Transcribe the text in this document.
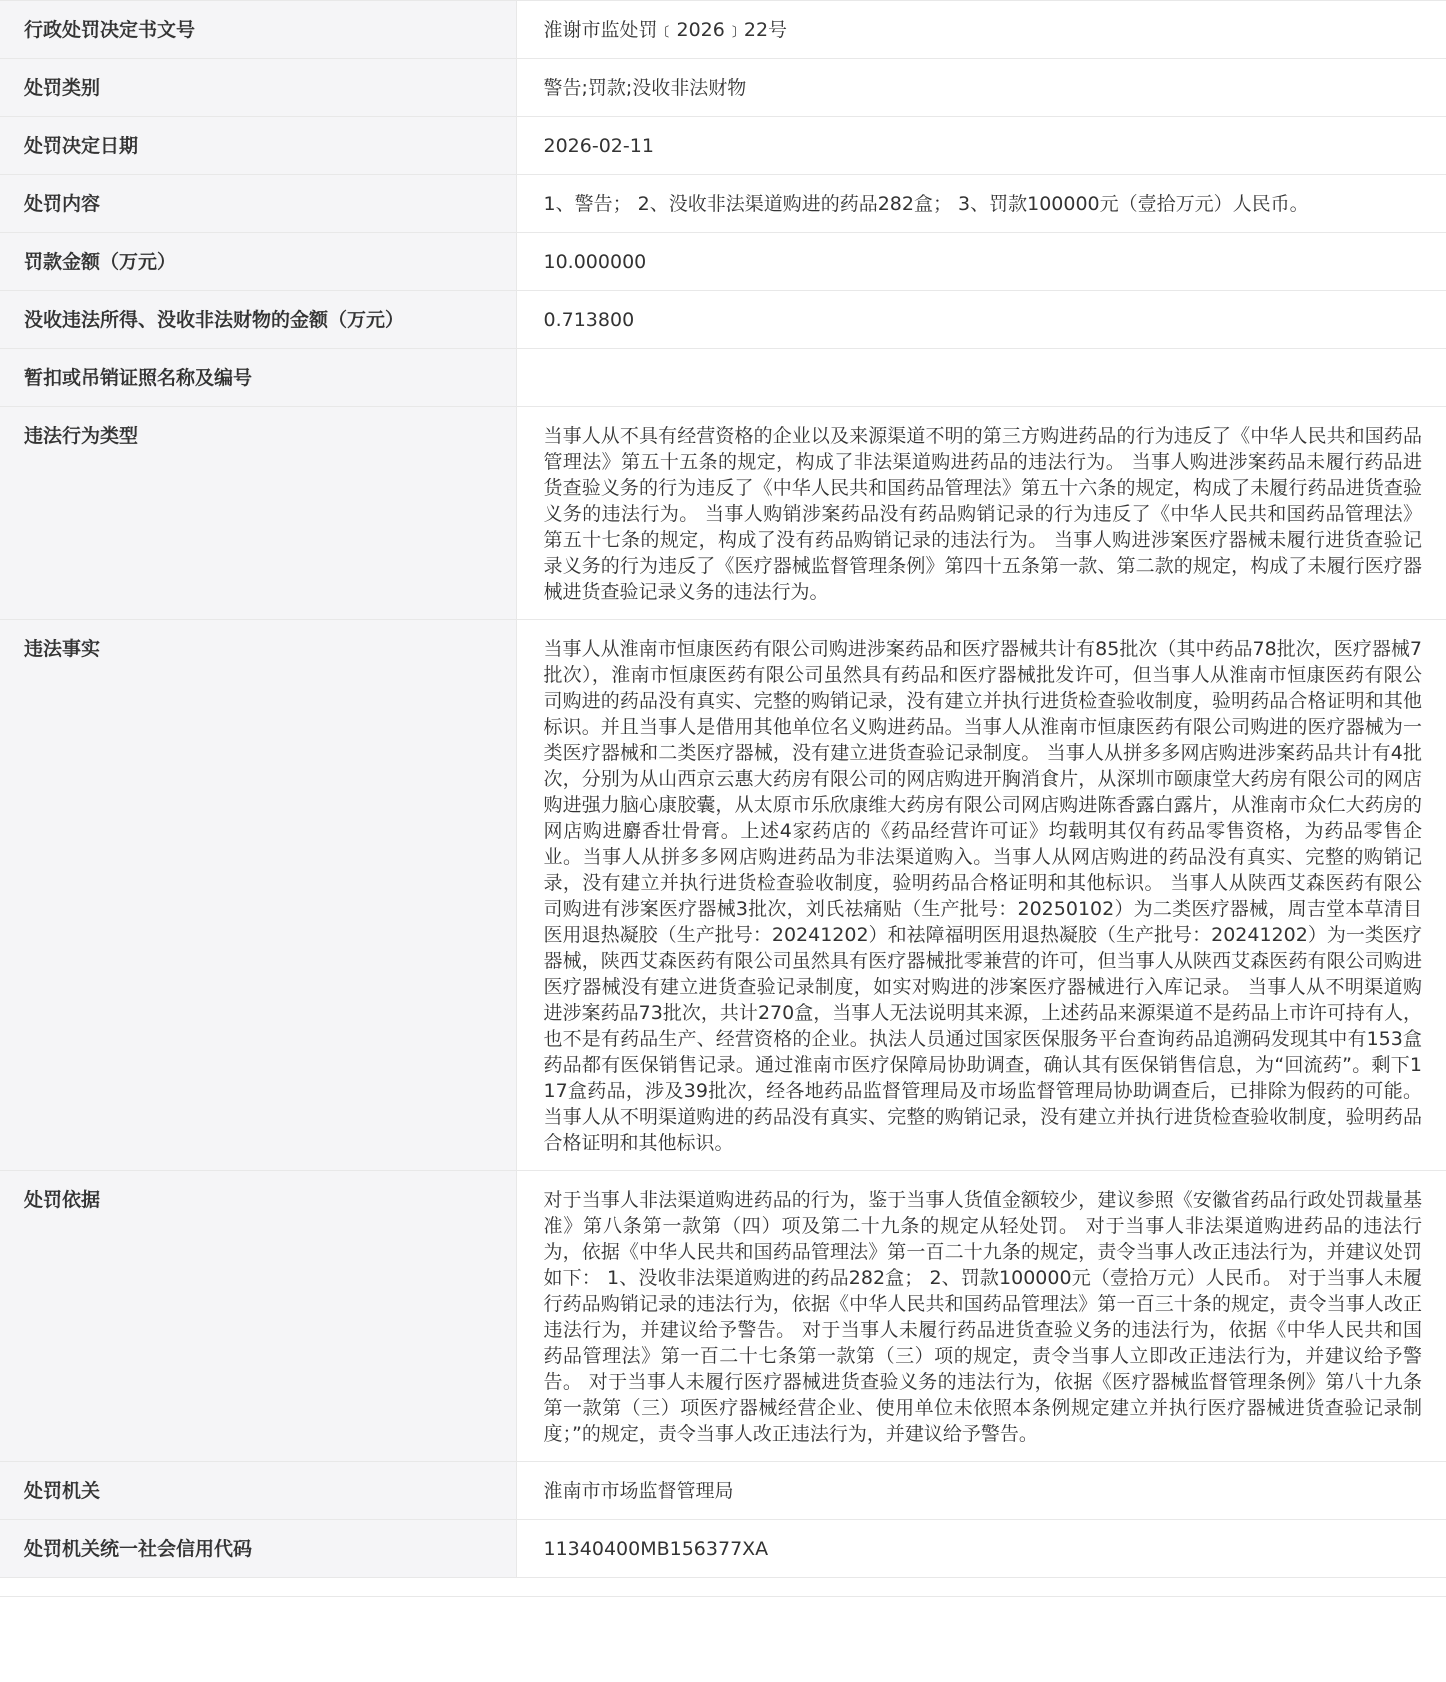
行政处罚决定书文号	淮谢市监处罚﹝2026﹞22号
处罚类别	警告;罚款;没收非法财物
处罚决定日期	2026-02-11
处罚内容	1、警告； 2、没收非法渠道购进的药品282盒； 3、罚款100000元（壹拾万元）人民币。
罚款金额（万元）	10.000000
没收违法所得、没收非法财物的金额（万元）	0.713800
暂扣或吊销证照名称及编号	
违法行为类型	当事人从不具有经营资格的企业以及来源渠道不明的第三方购进药品的行为违反了《中华人民共和国药品管理法》第五十五条的规定，构成了非法渠道购进药品的违法行为。 当事人购进涉案药品未履行药品进货查验义务的行为违反了《中华人民共和国药品管理法》第五十六条的规定，构成了未履行药品进货查验义务的违法行为。 当事人购销涉案药品没有药品购销记录的行为违反了《中华人民共和国药品管理法》第五十七条的规定，构成了没有药品购销记录的违法行为。 当事人购进涉案医疗器械未履行进货查验记录义务的行为违反了《医疗器械监督管理条例》第四十五条第一款、第二款的规定，构成了未履行医疗器械进货查验记录义务的违法行为。
违法事实	当事人从淮南市恒康医药有限公司购进涉案药品和医疗器械共计有85批次（其中药品78批次，医疗器械7批次），淮南市恒康医药有限公司虽然具有药品和医疗器械批发许可，但当事人从淮南市恒康医药有限公司购进的药品没有真实、完整的购销记录，没有建立并执行进货检查验收制度，验明药品合格证明和其他标识。并且当事人是借用其他单位名义购进药品。当事人从淮南市恒康医药有限公司购进的医疗器械为一类医疗器械和二类医疗器械，没有建立进货查验记录制度。 当事人从拼多多网店购进涉案药品共计有4批次，分别为从山西京云惠大药房有限公司的网店购进开胸消食片，从深圳市颐康堂大药房有限公司的网店购进强力脑心康胶囊，从太原市乐欣康维大药房有限公司网店购进陈香露白露片，从淮南市众仁大药房的网店购进麝香壮骨膏。上述4家药店的《药品经营许可证》均载明其仅有药品零售资格，为药品零售企业。当事人从拼多多网店购进药品为非法渠道购入。当事人从网店购进的药品没有真实、完整的购销记录，没有建立并执行进货检查验收制度，验明药品合格证明和其他标识。 当事人从陕西艾森医药有限公司购进有涉案医疗器械3批次，刘氏祛痛贴（生产批号：20250102）为二类医疗器械，周吉堂本草清目医用退热凝胶（生产批号：20241202）和祛障福明医用退热凝胶（生产批号：20241202）为一类医疗器械，陕西艾森医药有限公司虽然具有医疗器械批零兼营的许可，但当事人从陕西艾森医药有限公司购进医疗器械没有建立进货查验记录制度，如实对购进的涉案医疗器械进行入库记录。 当事人从不明渠道购进涉案药品73批次，共计270盒，当事人无法说明其来源，上述药品来源渠道不是药品上市许可持有人，也不是有药品生产、经营资格的企业。执法人员通过国家医保服务平台查询药品追溯码发现其中有153盒药品都有医保销售记录。通过淮南市医疗保障局协助调查，确认其有医保销售信息，为“回流药”。剩下117盒药品，涉及39批次，经各地药品监督管理局及市场监督管理局协助调查后，已排除为假药的可能。 当事人从不明渠道购进的药品没有真实、完整的购销记录，没有建立并执行进货检查验收制度，验明药品合格证明和其他标识。
处罚依据	对于当事人非法渠道购进药品的行为，鉴于当事人货值金额较少，建议参照《安徽省药品行政处罚裁量基准》第八条第一款第（四）项及第二十九条的规定从轻处罚。 对于当事人非法渠道购进药品的违法行为，依据《中华人民共和国药品管理法》第一百二十九条的规定，责令当事人改正违法行为，并建议处罚如下： 1、没收非法渠道购进的药品282盒； 2、罚款100000元（壹拾万元）人民币。 对于当事人未履行药品购销记录的违法行为，依据《中华人民共和国药品管理法》第一百三十条的规定，责令当事人改正违法行为，并建议给予警告。 对于当事人未履行药品进货查验义务的违法行为，依据《中华人民共和国药品管理法》第一百二十七条第一款第（三）项的规定，责令当事人立即改正违法行为，并建议给予警告。 对于当事人未履行医疗器械进货查验义务的违法行为，依据《医疗器械监督管理条例》第八十九条第一款第（三）项医疗器械经营企业、使用单位未依照本条例规定建立并执行医疗器械进货查验记录制度；”的规定，责令当事人改正违法行为，并建议给予警告。
处罚机关	淮南市市场监督管理局
处罚机关统一社会信用代码	11340400MB156377XA
